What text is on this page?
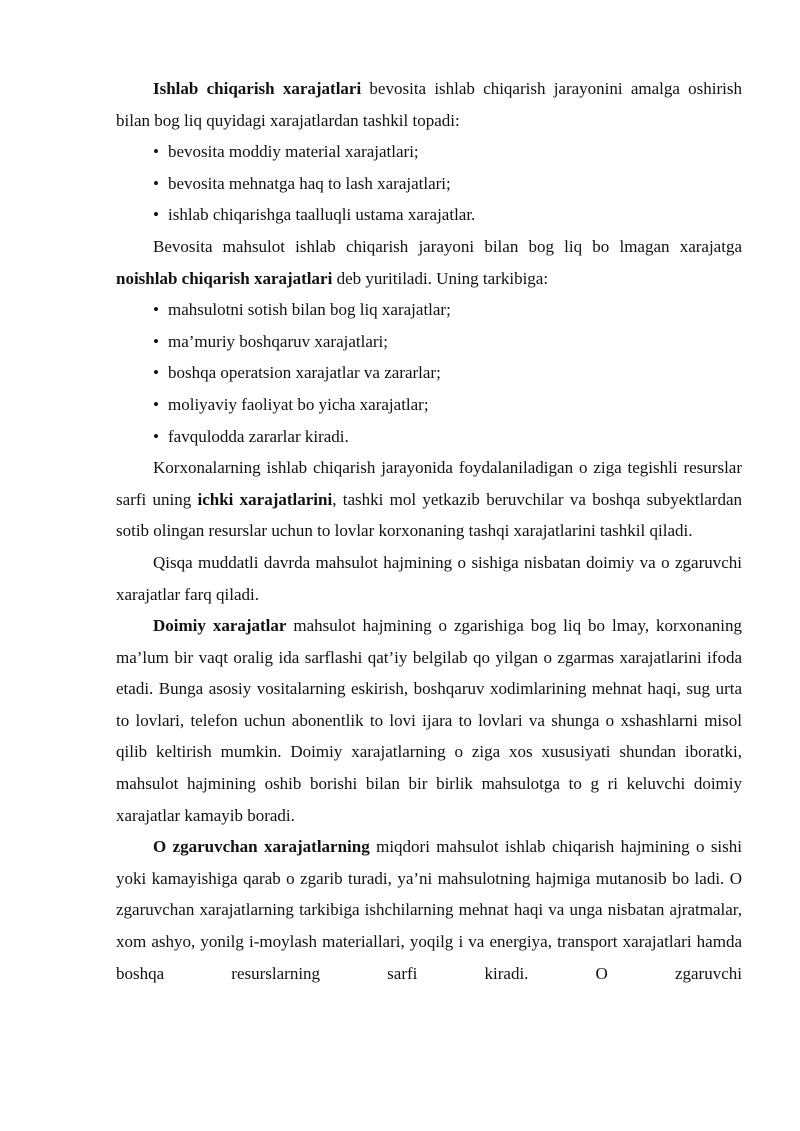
Ishlab chiqarish xarajatlari bevosita ishlab chiqarish jarayonini amalga oshirish bilan bog liq quyidagi xarajatlardan tashkil topadi:

• bevosita moddiy material xarajatlari;
• bevosita mehnatga haq to lash xarajatlari;
• ishlab chiqarishga taalluqli ustama xarajatlar.

Bevosita mahsulot ishlab chiqarish jarayoni bilan bog liq bo lmagan xarajatga noishlab chiqarish xarajatlari deb yuritiladi. Uning tarkibiga:

• mahsulotni sotish bilan bog liq xarajatlar;
• ma’muriy boshqaruv xarajatlari;
• boshqa operatsion xarajatlar va zararlar;
• moliyaviy faoliyat bo yicha xarajatlar;
• favqulodda zararlar kiradi.

Korxonalarning ishlab chiqarish jarayonida foydalaniladigan o ziga tegishli resurslar sarfi uning ichki xarajatlarini, tashki mol yetkazib beruvchilar va boshqa subyektlardan sotib olingan resurslar uchun to lovlar korxonaning tashqi xarajatlarini tashkil qiladi.

Qisqa muddatli davrda mahsulot hajmining o sishiga nisbatan doimiy va o zgaruvchi xarajatlar farq qiladi.

Doimiy xarajatlar mahsulot hajmining o zgarishiga bog liq bo lmay, korxonaning ma’lum bir vaqt oralig ida sarflashi qat’iy belgilab qo yilgan o zgarmas xarajatlarini ifoda etadi. Bunga asosiy vositalarning eskirish, boshqaruv xodimlarining mehnat haqi, sug urta to lovlari, telefon uchun abonentlik to lovi ijara to lovlari va shunga o xshashlarni misol qilib keltirish mumkin. Doimiy xarajatlarning o ziga xos xususiyati shundan iboratki, mahsulot hajmining oshib borishi bilan bir birlik mahsulotga to g ri keluvchi doimiy xarajatlar kamayib boradi.

O zgaruvchan xarajatlarning miqdori mahsulot ishlab chiqarish hajmining o sishi yoki kamayishiga qarab o zgarib turadi, ya’ni mahsulotning hajmiga mutanosib bo ladi. O zgaruvchan xarajatlarning tarkibiga ishchilarning mehnat haqi va unga nisbatan ajratmalar, xom ashyo, yonilg i-moylash materiallari, yoqilg i va energiya, transport xarajatlari hamda boshqa resurslarning sarfi kiradi. O zgaruvchi
